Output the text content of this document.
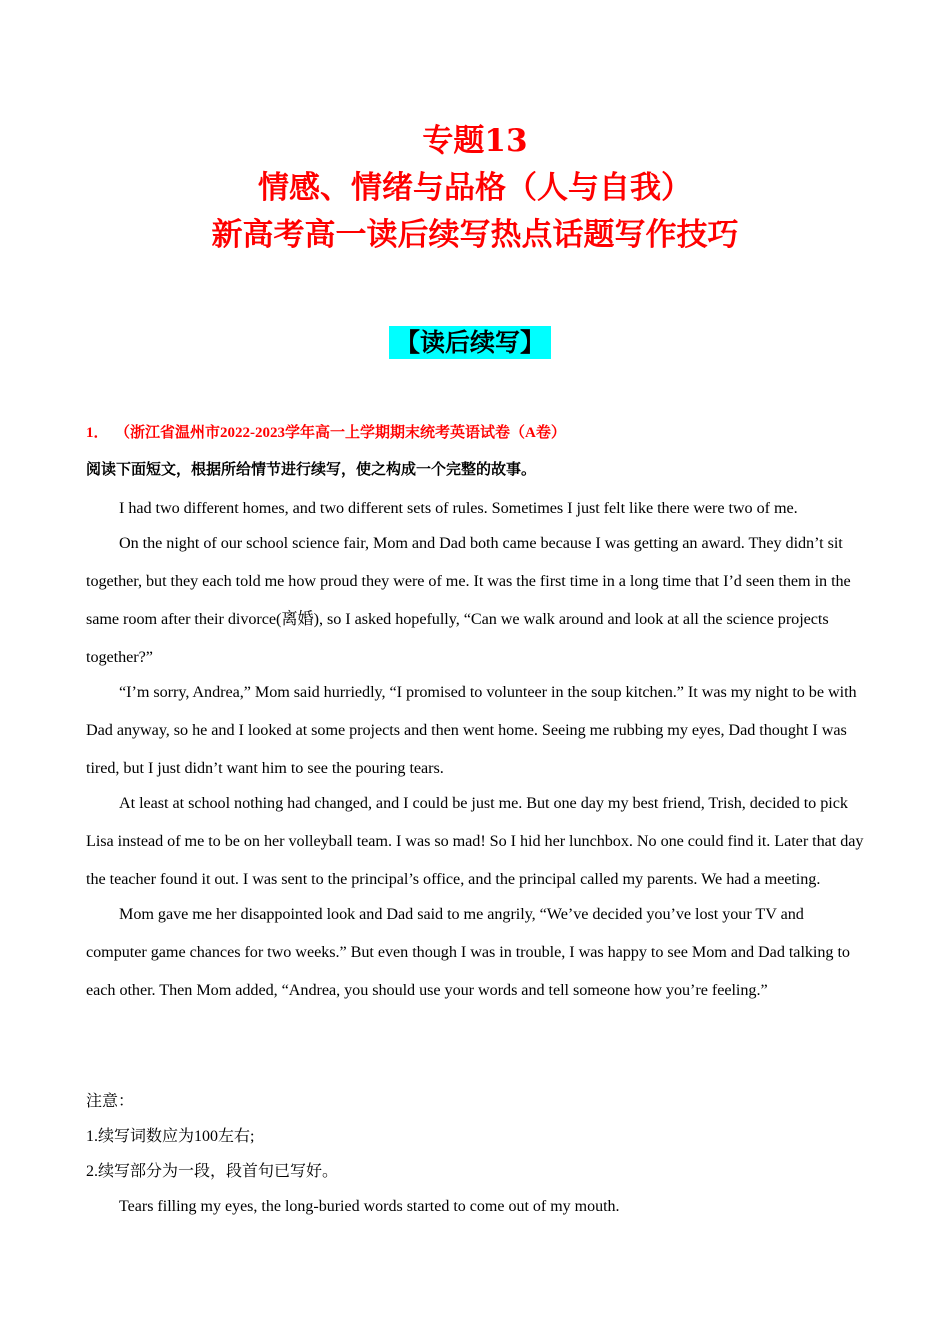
专题13
情感、情绪与品格（人与自我）
新高考高一读后续写热点话题写作技巧
【读后续写】
1． （浙江省温州市2022-2023学年高一上学期期末统考英语试卷（A卷）
阅读下面短文，根据所给情节进行续写，使之构成一个完整的故事。

I had two different homes, and two different sets of rules. Sometimes I just felt like there were two of me.

On the night of our school science fair, Mom and Dad both came because I was getting an award. They didn’t sit together, but they each told me how proud they were of me. It was the first time in a long time that I’d seen them in the same room after their divorce(离婚), so I asked hopefully, “Can we walk around and look at all the science projects together?”

“I’m sorry, Andrea,” Mom said hurriedly, “I promised to volunteer in the soup kitchen.” It was my night to be with Dad anyway, so he and I looked at some projects and then went home. Seeing me rubbing my eyes, Dad thought I was tired, but I just didn’t want him to see the pouring tears.

At least at school nothing had changed, and I could be just me. But one day my best friend, Trish, decided to pick Lisa instead of me to be on her volleyball team. I was so mad! So I hid her lunchbox. No one could find it. Later that day the teacher found it out. I was sent to the principal’s office, and the principal called my parents. We had a meeting.

Mom gave me her disappointed look and Dad said to me angrily, “We’ve decided you’ve lost your TV and computer game chances for two weeks.” But even though I was in trouble, I was happy to see Mom and Dad talking to each other. Then Mom added, “Andrea, you should use your words and tell someone how you’re feeling.”

注意：
1.续写词数应为100左右;
2.续写部分为一段，段首句已写好。
Tears filling my eyes, the long-buried words started to come out of my mouth.
